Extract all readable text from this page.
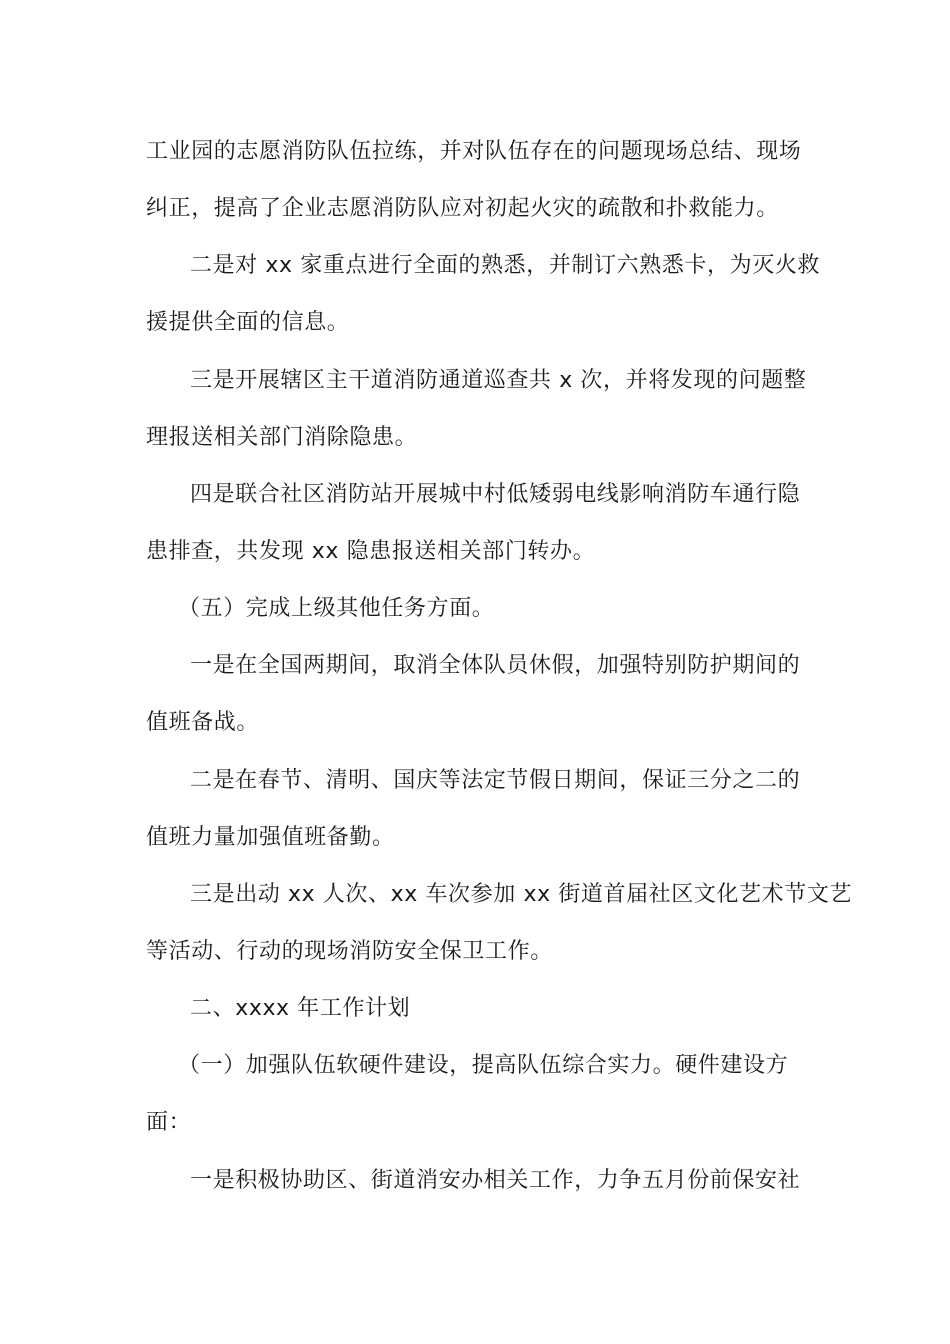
工业园的志愿消防队伍拉练，并对队伍存在的问题现场总结、现场
纠正，提高了企业志愿消防队应对初起火灾的疏散和扑救能力。
二是对 xx 家重点进行全面的熟悉，并制订六熟悉卡，为灭火救
援提供全面的信息。
三是开展辖区主干道消防通道巡查共 x 次，并将发现的问题整
理报送相关部门消除隐患。
四是联合社区消防站开展城中村低矮弱电线影响消防车通行隐
患排查，共发现 xx 隐患报送相关部门转办。
（五）完成上级其他任务方面。
一是在全国两期间，取消全体队员休假，加强特别防护期间的
值班备战。
二是在春节、清明、国庆等法定节假日期间，保证三分之二的
值班力量加强值班备勤。
三是出动 xx 人次、xx 车次参加 xx 街道首届社区文化艺术节文艺
等活动、行动的现场消防安全保卫工作。
二、xxxx 年工作计划
（一）加强队伍软硬件建设，提高队伍综合实力。硬件建设方
面：
一是积极协助区、街道消安办相关工作，力争五月份前保安社
